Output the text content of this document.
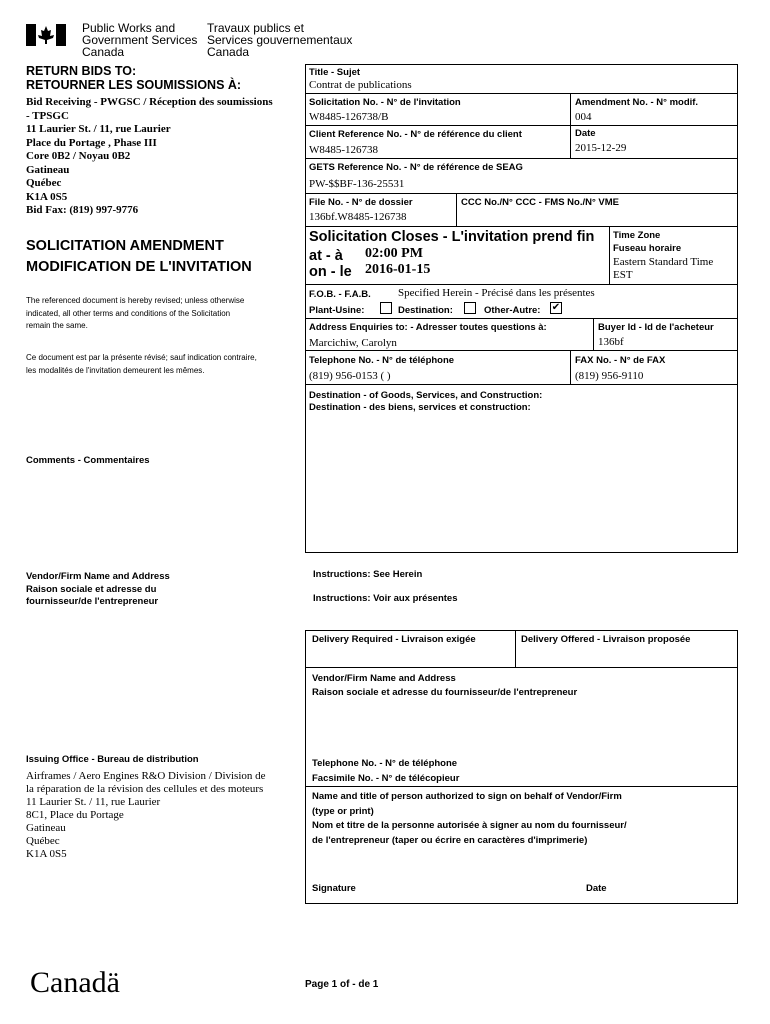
Public Works and
Government Services
Canada
Travaux publics et
Services gouvernementaux
Canada
RETURN BIDS TO:
RETOURNER LES SOUMISSIONS À:
Bid Receiving - PWGSC / Réception des soumissions
- TPSGC
11 Laurier St. / 11, rue Laurier
Place du Portage , Phase III
Core 0B2 / Noyau 0B2
Gatineau
Québec
K1A 0S5
Bid Fax: (819) 997-9776
SOLICITATION AMENDMENT
MODIFICATION DE L'INVITATION
The referenced document is hereby revised; unless otherwise
indicated, all other terms and conditions of the Solicitation
remain the same.
Ce document est par la présente révisé; sauf indication contraire,
les modalités de l'invitation demeurent les mêmes.
Comments - Commentaires
Vendor/Firm Name and Address
Raison sociale et adresse du
fournisseur/de l'entrepreneur
Issuing Office - Bureau de distribution
Airframes / Aero Engines R&O Division / Division de
la réparation de la révision des cellules et des moteurs
11 Laurier St. / 11, rue Laurier
8C1, Place du Portage
Gatineau
Québec
K1A 0S5
Title - Sujet
Contrat de publications
Solicitation No. - N° de l'invitation
W8485-126738/B
Amendment No. - N° modif.
004
Client Reference No. - N° de référence du client
W8485-126738
Date
2015-12-29
GETS Reference No. - N° de référence de SEAG
PW-$$BF-136-25531
File No. - N° de dossier
136bf.W8485-126738
CCC No./N° CCC - FMS No./N° VME
Solicitation Closes - L'invitation prend fin
at - à 02:00 PM
on - le 2016-01-15
Time Zone
Fuseau horaire
Eastern Standard Time
EST
F.O.B. - F.A.B. Specified Herein - Précisé dans les présentes
Plant-Usine:	Destination:	Other-Autre: ✔
Address Enquiries to: - Adresser toutes questions à:
Marcichiw, Carolyn
Buyer Id - Id de l'acheteur
136bf
Telephone No. - N° de téléphone
(819) 956-0153 ( )
FAX No. - N° de FAX
(819) 956-9110
Destination - of Goods, Services, and Construction:
Destination - des biens, services et construction:
Instructions: See Herein
Instructions: Voir aux présentes
Delivery Required - Livraison exigée	Delivery Offered - Livraison proposée
Vendor/Firm Name and Address
Raison sociale et adresse du fournisseur/de l'entrepreneur
Telephone No. - N° de téléphone
Facsimile No. - N° de télécopieur
Name and title of person authorized to sign on behalf of Vendor/Firm
(type or print)
Nom et titre de la personne autorisée à signer au nom du fournisseur/
de l'entrepreneur (taper ou écrire en caractères d'imprimerie)
Signature	Date
Canadä	Page 1 of - de 1
